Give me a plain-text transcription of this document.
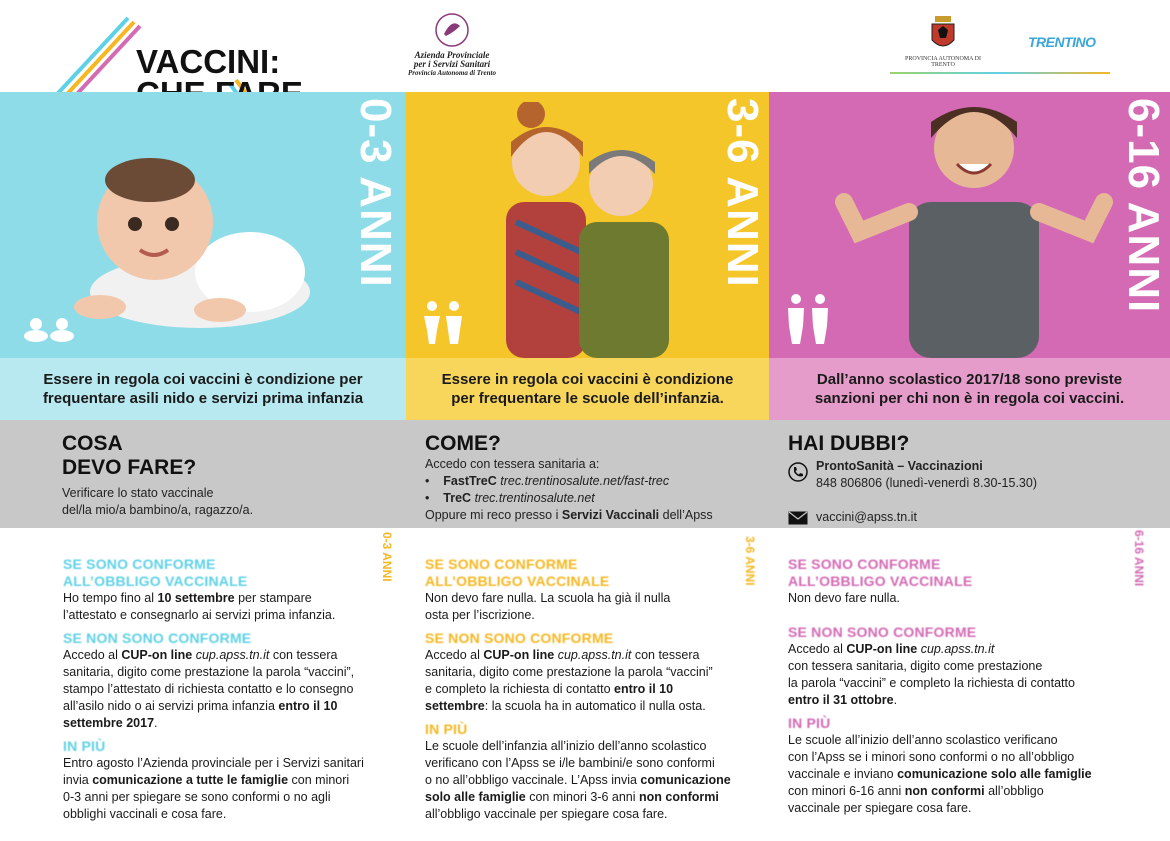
VACCINI:	Azienda Provinciale
per i Servizi Sanitari
Provincia Autonoma di Trento
PROVINCIA AUTONOMA DI TRENTO
TRENTINO
0-3 ANNI	3-6 ANNI	6-16 ANNI
Essere in regola coi vaccini è condizione per
frequentare asili nido e servizi prima infanzia
Essere in regola coi vaccini è condizione
per frequentare le scuole dell’infanzia.
Dall’anno scolastico 2017/18 sono previste
sanzioni per chi non è in regola coi vaccini.
COSA
DEVO FARE?
Verificare lo stato vaccinale
del/la mio/a bambino/a, ragazzo/a.
COME?
Accedo con tessera sanitaria a:
•    FastTreC trec.trentinosalute.net/fast-trec
•    TreC trec.trentinosalute.net
Oppure mi reco presso i Servizi Vaccinali dell’Apss
HAI DUBBI?
ProntoSanità – Vaccinazioni
848 806806 (lunedì-venerdì 8.30-15.30)
vaccini@apss.tn.it
0-3 ANNI
SE SONO CONFORME
ALL’OBBLIGO VACCINALE
Ho tempo fino al 10 settembre per stampare
l’attestato e consegnarlo ai servizi prima infanzia.
SE NON SONO CONFORME
Accedo al CUP-on line cup.apss.tn.it con tessera
sanitaria, digito come prestazione la parola “vaccini”,
stampo l’attestato di richiesta contatto e lo consegno
all’asilo nido o ai servizi prima infanzia entro il 10
settembre 2017.
IN PIÙ
Entro agosto l’Azienda provinciale per i Servizi sanitari
invia comunicazione a tutte le famiglie con minori
0-3 anni per spiegare se sono conformi o no agli
obblighi vaccinali e cosa fare.
3-6 ANNI
SE SONO CONFORME
ALL’OBBLIGO VACCINALE
Non devo fare nulla. La scuola ha già il nulla
osta per l’iscrizione.
SE NON SONO CONFORME
Accedo al CUP-on line cup.apss.tn.it con tessera
sanitaria, digito come prestazione la parola “vaccini”
e completo la richiesta di contatto entro il 10
settembre: la scuola ha in automatico il nulla osta.
IN PIÙ
Le scuole dell’infanzia all’inizio dell’anno scolastico
verificano con l’Apss se i/le bambini/e sono conformi
o no all’obbligo vaccinale. L’Apss invia comunicazione
solo alle famiglie con minori 3-6 anni non conformi
all’obbligo vaccinale per spiegare cosa fare.
6-16 ANNI
SE SONO CONFORME
ALL’OBBLIGO VACCINALE
Non devo fare nulla.
SE NON SONO CONFORME
Accedo al CUP-on line cup.apss.tn.it
con tessera sanitaria, digito come prestazione
la parola “vaccini” e completo la richiesta di contatto
entro il 31 ottobre.
IN PIÙ
Le scuole all’inizio dell’anno scolastico verificano
con l’Apss se i minori sono conformi o no all’obbligo
vaccinale e inviano comunicazione solo alle famiglie
con minori 6-16 anni non conformi all’obbligo
vaccinale per spiegare cosa fare.
